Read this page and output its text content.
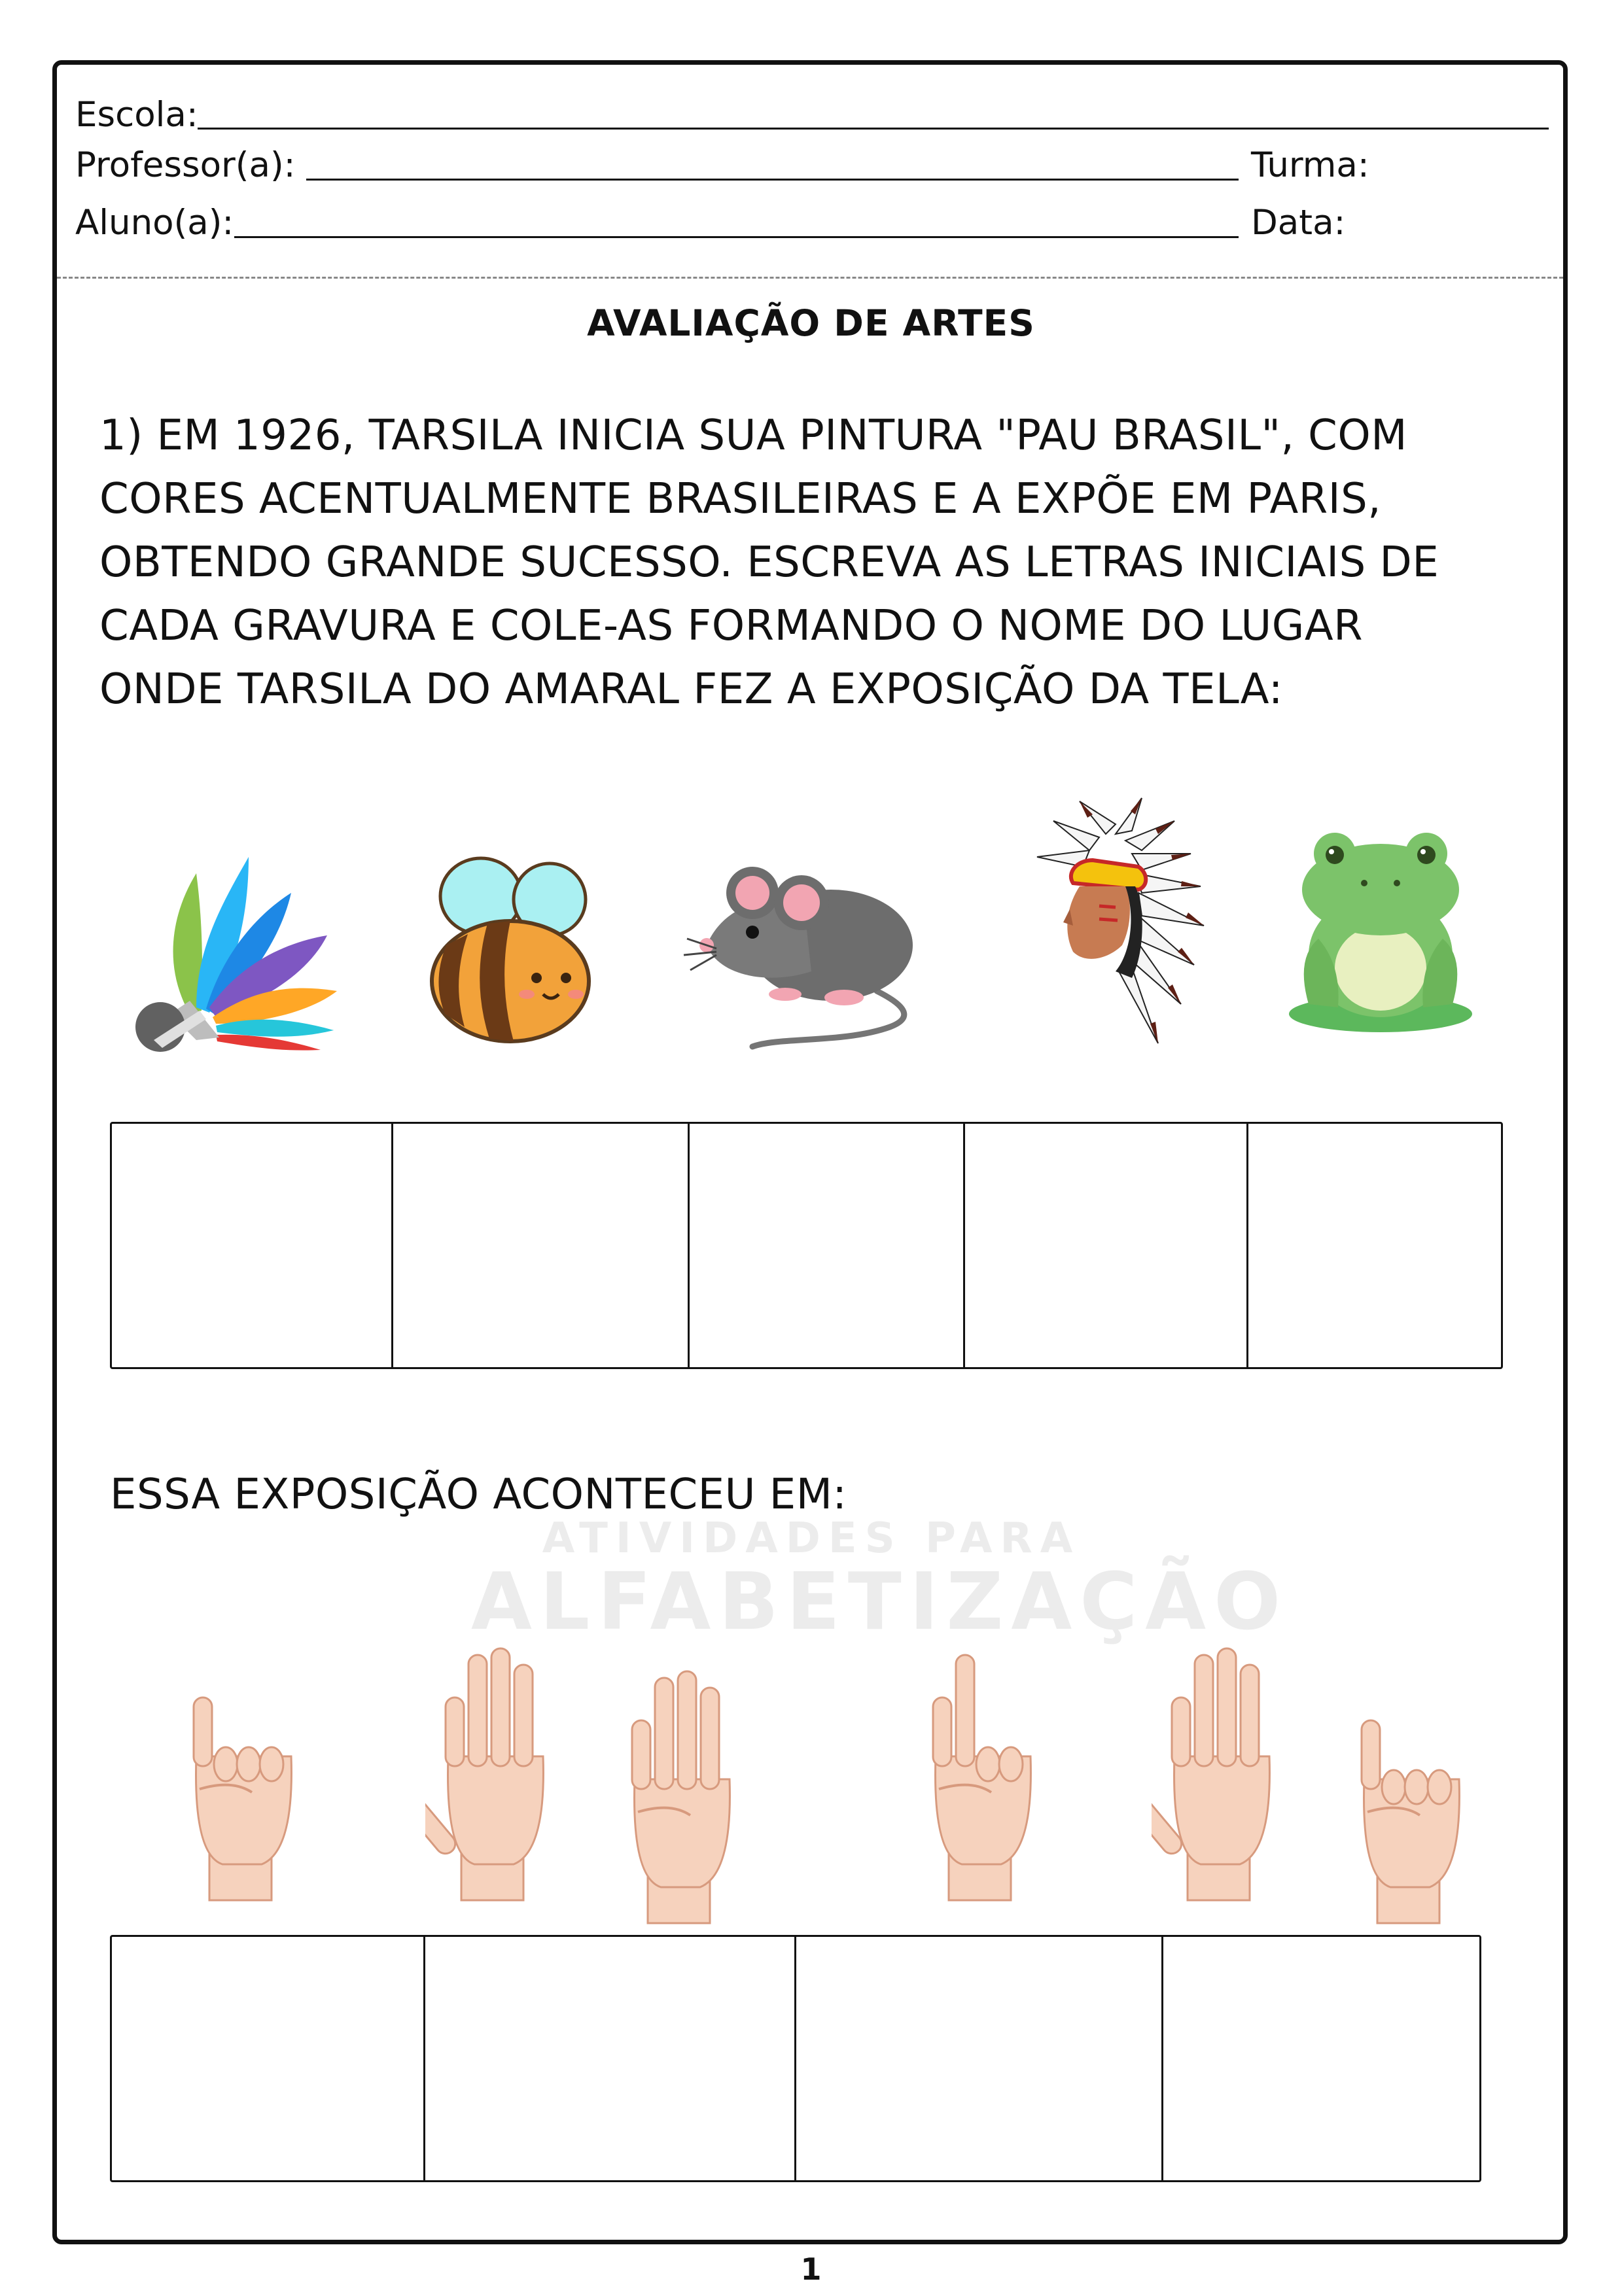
ATIVIDADES PARA
ALFABETIZAÇÃO
Escola:
Professor(a):	Turma:
Aluno(a):	Data:
AVALIAÇÃO DE ARTES
1) EM 1926, TARSILA INICIA SUA PINTURA "PAU BRASIL", COM
CORES ACENTUALMENTE BRASILEIRAS E A EXPÕE EM PARIS,
OBTENDO GRANDE SUCESSO. ESCREVA AS LETRAS INICIAIS DE
CADA GRAVURA E COLE-AS FORMANDO O NOME DO LUGAR
ONDE TARSILA DO AMARAL FEZ A EXPOSIÇÃO DA TELA:
ESSA EXPOSIÇÃO ACONTECEU EM:
1
